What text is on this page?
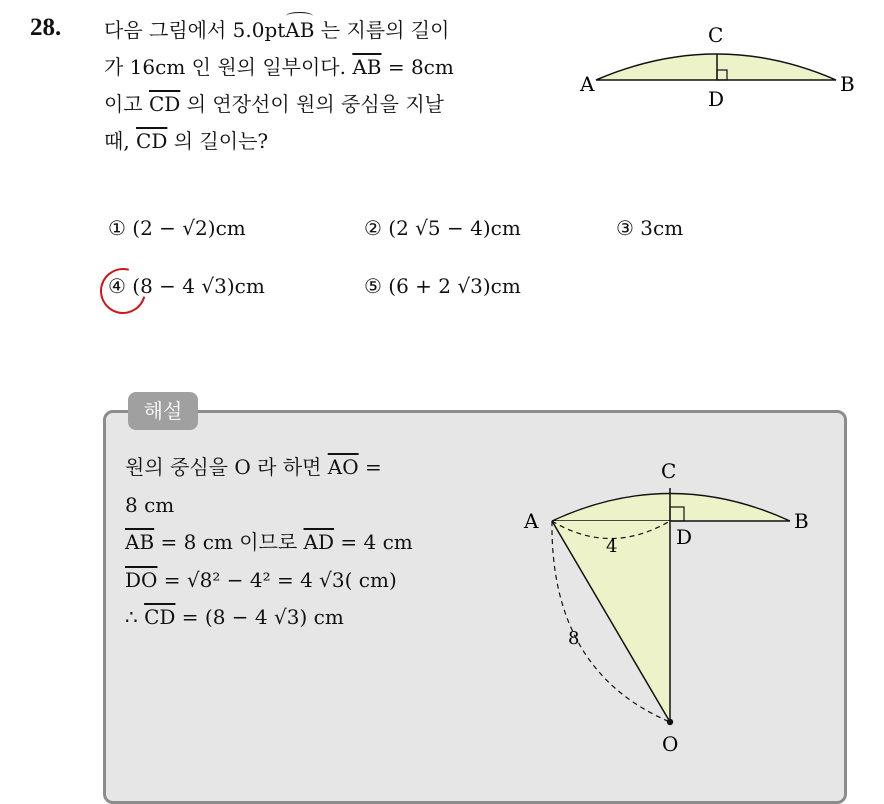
28. 다음 그림에서 5.0ptAB 는 지름의 길이
가 16cm 인 원의 일부이다. $\overline{AB} = 8cm$
이고 $\overline{CD}$ 의 연장선이 원의 중심을 지날
때, $\overline{CD}$ 의 길이는?
A	B
C
D
① (2 − √2)cm	② (2 √5 − 4)cm	③ 3cm
④ (8 − 4 √3)cm	⑤ (6 + 2 √3)cm
해설
원의 중심을 O 라 하면 $\overline{AO}$ =
8 cm
$\overline{AB} = 8$ cm 이므로 $\overline{AD} = 4$ cm
$\overline{DO} = √8^2 - 4^2 = 4$ √3( cm)
∴ $\overline{CD} = (8 - 4$ √3) cm
A	B
C
D
O
4
8
